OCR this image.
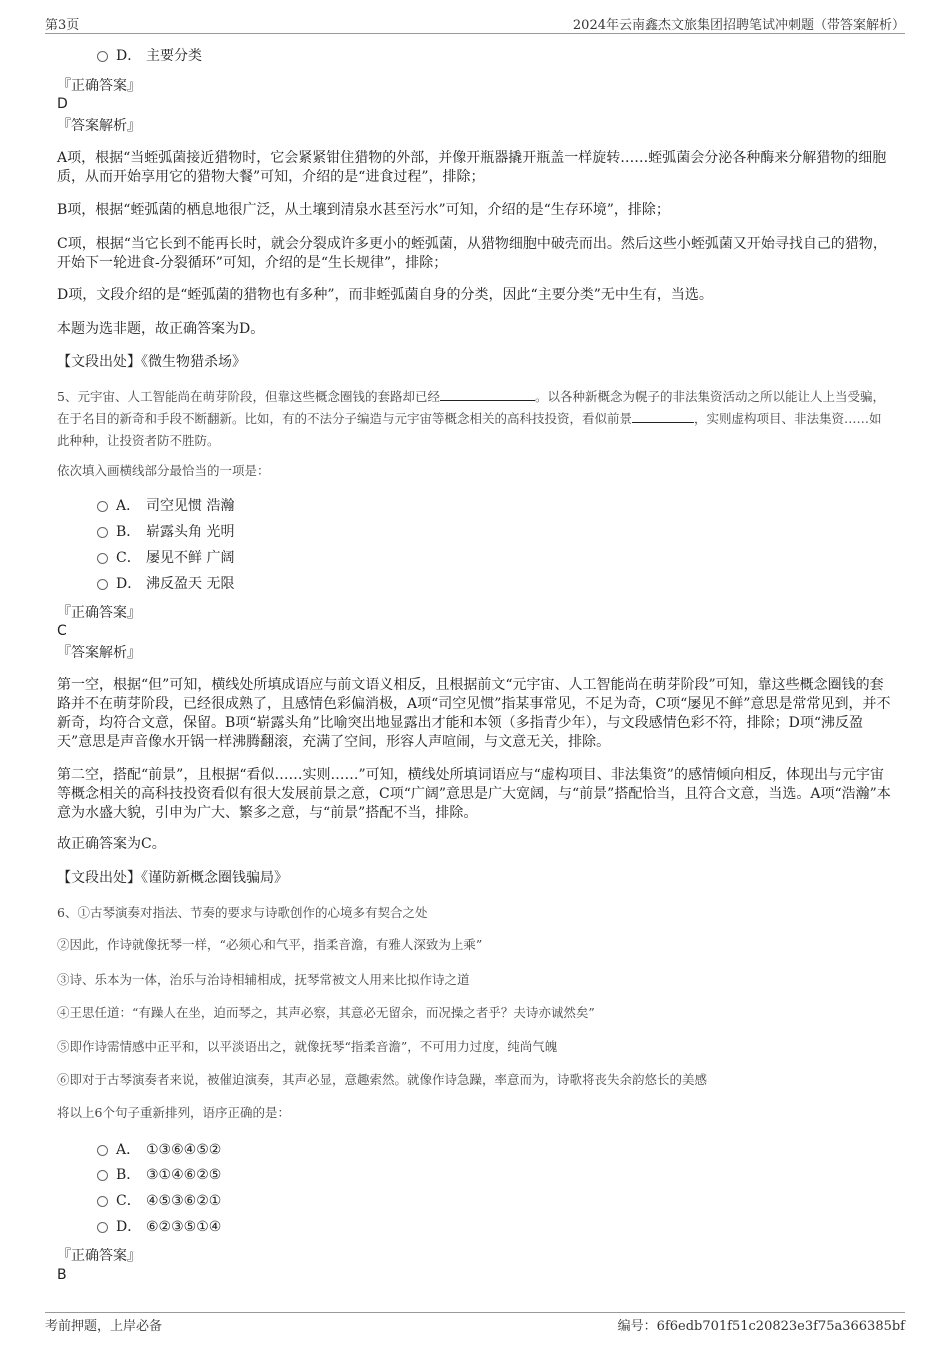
第3页	2024年云南鑫杰文旅集团招聘笔试冲刺题（带答案解析）
D． 主要分类
『正确答案』
D
『答案解析』
A项，根据“当蛭弧菌接近猎物时，它会紧紧钳住猎物的外部，并像开瓶器撬开瓶盖一样旋转……蛭弧菌会分泌各种酶来分解猎物的细胞质，从而开始享用它的猎物大餐”可知，介绍的是“进食过程”，排除；
B项，根据“蛭弧菌的栖息地很广泛，从土壤到清泉水甚至污水”可知，介绍的是“生存环境”，排除；
C项，根据“当它长到不能再长时，就会分裂成许多更小的蛭弧菌，从猎物细胞中破壳而出。然后这些小蛭弧菌又开始寻找自己的猎物，开始下一轮进食-分裂循环”可知，介绍的是“生长规律”，排除；
D项，文段介绍的是“蛭弧菌的猎物也有多种”，而非蛭弧菌自身的分类，因此“主要分类”无中生有，当选。
本题为选非题，故正确答案为D。
【文段出处】《微生物猎杀场》
5、元宇宙、人工智能尚在萌芽阶段，但靠这些概念圈钱的套路却已经	。以各种新概念为幌子的非法集资活动之所以能让人上当受骗，在于名目的新奇和手段不断翻新。比如，有的不法分子编造与元宇宙等概念相关的高科技投资，看似前景	，实则虚构项目、非法集资……如此种种，让投资者防不胜防。
依次填入画横线部分最恰当的一项是：
A． 司空见惯 浩瀚
B． 崭露头角 光明
C． 屡见不鲜 广阔
D． 沸反盈天 无限
『正确答案』
C
『答案解析』
第一空，根据“但”可知，横线处所填成语应与前文语义相反，且根据前文“元宇宙、人工智能尚在萌芽阶段”可知，靠这些概念圈钱的套路并不在萌芽阶段，已经很成熟了，且感情色彩偏消极，A项“司空见惯”指某事常见，不足为奇，C项“屡见不鲜”意思是常常见到，并不新奇，均符合文意，保留。B项“崭露头角”比喻突出地显露出才能和本领（多指青少年），与文段感情色彩不符，排除；D项“沸反盈天”意思是声音像水开锅一样沸腾翻滚，充满了空间，形容人声喧闹，与文意无关，排除。
第二空，搭配“前景”，且根据“看似……实则……”可知，横线处所填词语应与“虚构项目、非法集资”的感情倾向相反，体现出与元宇宙等概念相关的高科技投资看似有很大发展前景之意，C项“广阔”意思是广大宽阔，与“前景”搭配恰当，且符合文意，当选。A项“浩瀚”本意为水盛大貌，引申为广大、繁多之意，与“前景”搭配不当，排除。
故正确答案为C。
【文段出处】《谨防新概念圈钱骗局》
6、①古琴演奏对指法、节奏的要求与诗歌创作的心境多有契合之处
②因此，作诗就像抚琴一样，“必须心和气平，指柔音澹，有雅人深致为上乘”
③诗、乐本为一体，治乐与治诗相辅相成，抚琴常被文人用来比拟作诗之道
④王思任道：“有躁人在坐，迫而琴之，其声必察，其意必无留余，而况操之者乎？夫诗亦诚然矣”
⑤即作诗需情感中正平和，以平淡语出之，就像抚琴“指柔音澹”，不可用力过度，纯尚气魄
⑥即对于古琴演奏者来说，被催迫演奏，其声必显，意趣索然。就像作诗急躁，率意而为，诗歌将丧失余韵悠长的美感
将以上6个句子重新排列，语序正确的是：
A． ①③⑥④⑤②
B． ③①④⑥②⑤
C． ④⑤③⑥②①
D． ⑥②③⑤①④
『正确答案』
B
考前押题，上岸必备	编号：6f6edb701f51c20823e3f75a366385bf
